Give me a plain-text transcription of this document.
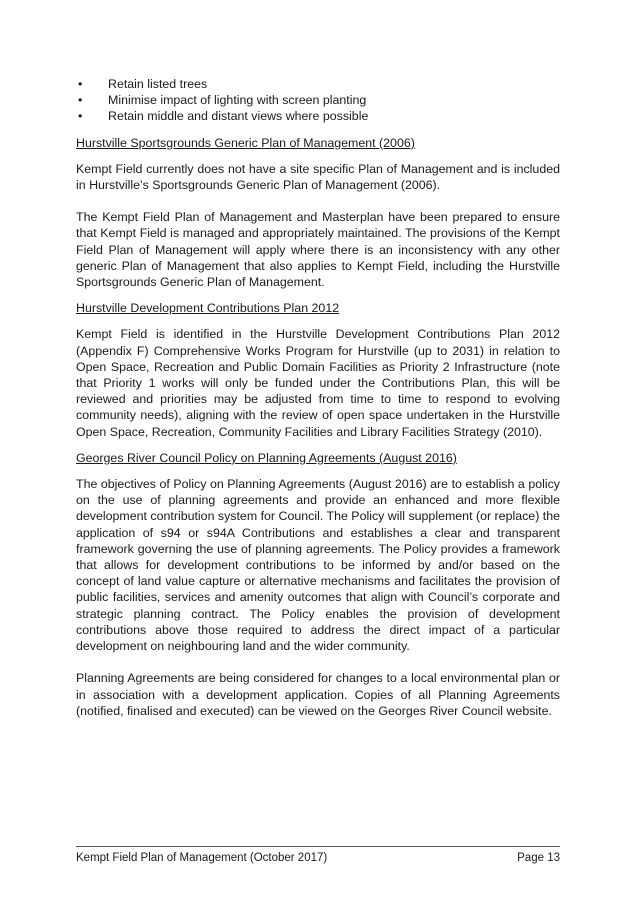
• Retain listed trees
• Minimise impact of lighting with screen planting
• Retain middle and distant views where possible
Hurstville Sportsgrounds Generic Plan of Management (2006)

Kempt Field currently does not have a site specific Plan of Management and is included in Hurstville’s Sportsgrounds Generic Plan of Management (2006).

The Kempt Field Plan of Management and Masterplan have been prepared to ensure that Kempt Field is managed and appropriately maintained. The provisions of the Kempt Field Plan of Management will apply where there is an inconsistency with any other generic Plan of Management that also applies to Kempt Field, including the Hurstville Sportsgrounds Generic Plan of Management.

Hurstville Development Contributions Plan 2012

Kempt Field is identified in the Hurstville Development Contributions Plan 2012 (Appendix F) Comprehensive Works Program for Hurstville (up to 2031) in relation to Open Space, Recreation and Public Domain Facilities as Priority 2 Infrastructure (note that Priority 1 works will only be funded under the Contributions Plan, this will be reviewed and priorities may be adjusted from time to time to respond to evolving community needs), aligning with the review of open space undertaken in the Hurstville Open Space, Recreation, Community Facilities and Library Facilities Strategy (2010).

Georges River Council Policy on Planning Agreements (August 2016)

The objectives of Policy on Planning Agreements (August 2016) are to establish a policy on the use of planning agreements and provide an enhanced and more flexible development contribution system for Council. The Policy will supplement (or replace) the application of s94 or s94A Contributions and establishes a clear and transparent framework governing the use of planning agreements. The Policy provides a framework that allows for development contributions to be informed by and/or based on the concept of land value capture or alternative mechanisms and facilitates the provision of public facilities, services and amenity outcomes that align with Council’s corporate and strategic planning contract. The Policy enables the provision of development contributions above those required to address the direct impact of a particular development on neighbouring land and the wider community.

Planning Agreements are being considered for changes to a local environmental plan or in association with a development application. Copies of all Planning Agreements (notified, finalised and executed) can be viewed on the Georges River Council website.

Kempt Field Plan of Management (October 2017)	Page 13
